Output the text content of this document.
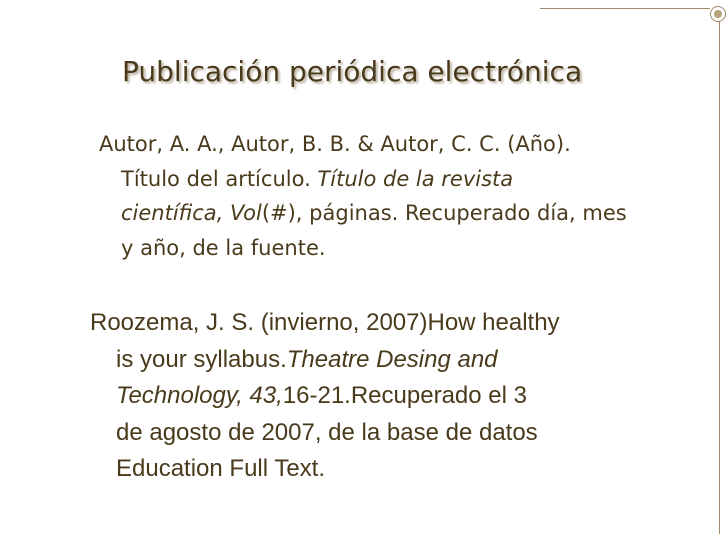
Publicación periódica electrónica
Autor, A. A., Autor, B. B. & Autor, C. C. (Año).
Título del artículo. Título de la revista
científica, Vol(#), páginas. Recuperado día, mes
y año, de la fuente.
Roozema, J. S. (invierno, 2007)How healthy
is your syllabus.Theatre Desing and
Technology, 43,16-21.Recuperado el 3
de agosto de 2007, de la base de datos
Education Full Text.
